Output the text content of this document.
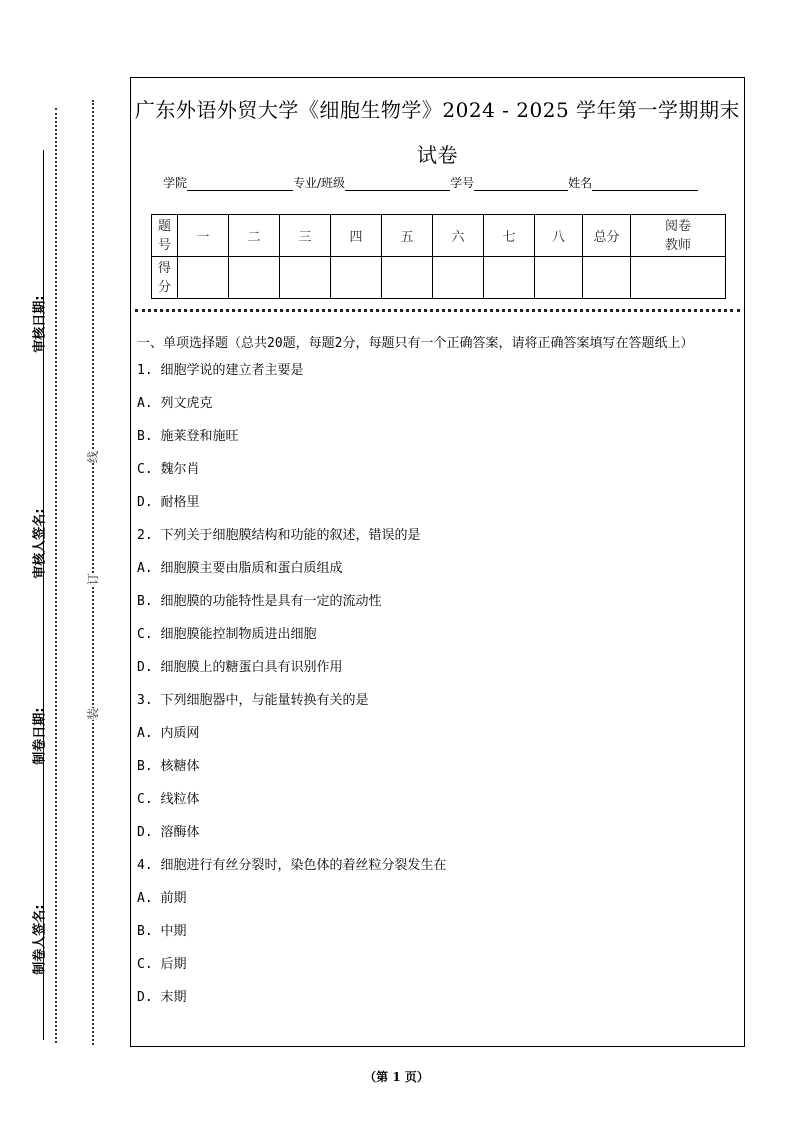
审核日期:
审核人签名:
制卷日期:
制卷人签名:
线
订
装
广东外语外贸大学《细胞生物学》2024 - 2025 学年第一学期期末
试卷
学院	专业/班级	学号	姓名
题号	一	二	三	四	五	六	七	八	总分	阅卷教师

得分										

一、单项选择题（总共20题，每题2分，每题只有一个正确答案，请将正确答案填写在答题纸上）
1. 细胞学说的建立者主要是
A. 列文虎克
B. 施莱登和施旺
C. 魏尔肖
D. 耐格里
2. 下列关于细胞膜结构和功能的叙述，错误的是
A. 细胞膜主要由脂质和蛋白质组成
B. 细胞膜的功能特性是具有一定的流动性
C. 细胞膜能控制物质进出细胞
D. 细胞膜上的糖蛋白具有识别作用
3. 下列细胞器中，与能量转换有关的是
A. 内质网
B. 核糖体
C. 线粒体
D. 溶酶体
4. 细胞进行有丝分裂时，染色体的着丝粒分裂发生在
A. 前期
B. 中期
C. 后期
D. 末期
（第 1 页）
